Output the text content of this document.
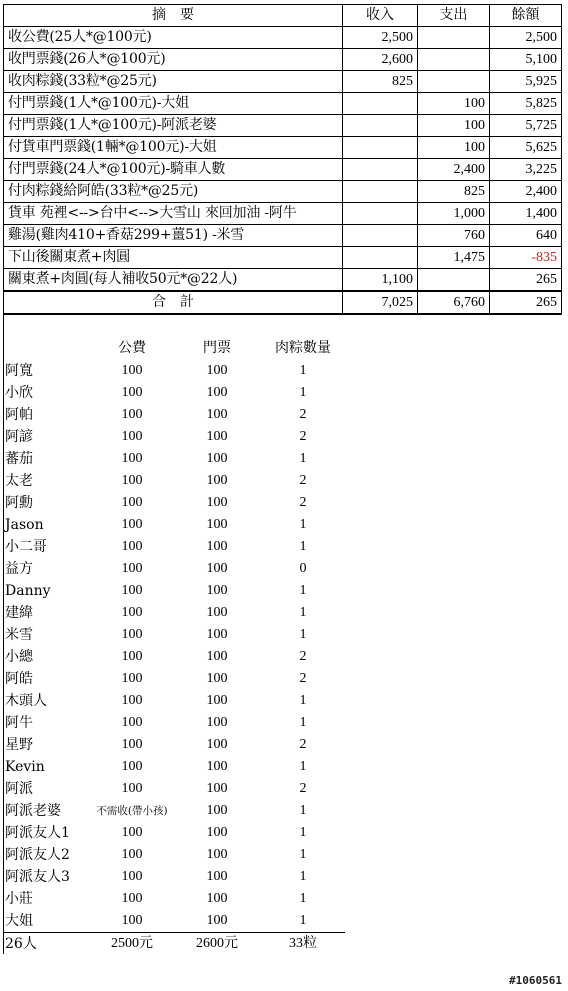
摘　要	收入	支出	餘額
收公費(25人*@100元)	2,500		2,500
收門票錢(26人*@100元)	2,600		5,100
收肉粽錢(33粒*@25元)	825		5,925
付門票錢(1人*@100元)-大姐		100	5,825
付門票錢(1人*@100元)-阿派老婆		100	5,725
付貨車門票錢(1輛*@100元)-大姐		100	5,625
付門票錢(24人*@100元)-騎車人數		2,400	3,225
付肉粽錢給阿皓(33粒*@25元)		825	2,400
貨車 苑裡<-->台中<-->大雪山 來回加油 -阿牛		1,000	1,400
雞湯(雞肉410+香菇299+薑51) -米雪		760	640
下山後關東煮+肉圓		1,475	-835
關東煮+肉圓(每人補收50元*@22人)	1,100		265
合　計	7,025	6,760	265
	公費	門票	肉粽數量
阿寬	100	100	1
小欣	100	100	1
阿帕	100	100	2
阿諺	100	100	2
蕃茄	100	100	1
太老	100	100	2
阿勳	100	100	2
Jason	100	100	1
小二哥	100	100	1
益方	100	100	0
Danny	100	100	1
建緯	100	100	1
米雪	100	100	1
小總	100	100	2
阿皓	100	100	2
木頭人	100	100	1
阿牛	100	100	1
星野	100	100	2
Kevin	100	100	1
阿派	100	100	2
阿派老婆	不需收(帶小孩)	100	1
阿派友人1	100	100	1
阿派友人2	100	100	1
阿派友人3	100	100	1
小莊	100	100	1
大姐	100	100	1
26人	2500元	2600元	33粒
#1060561
